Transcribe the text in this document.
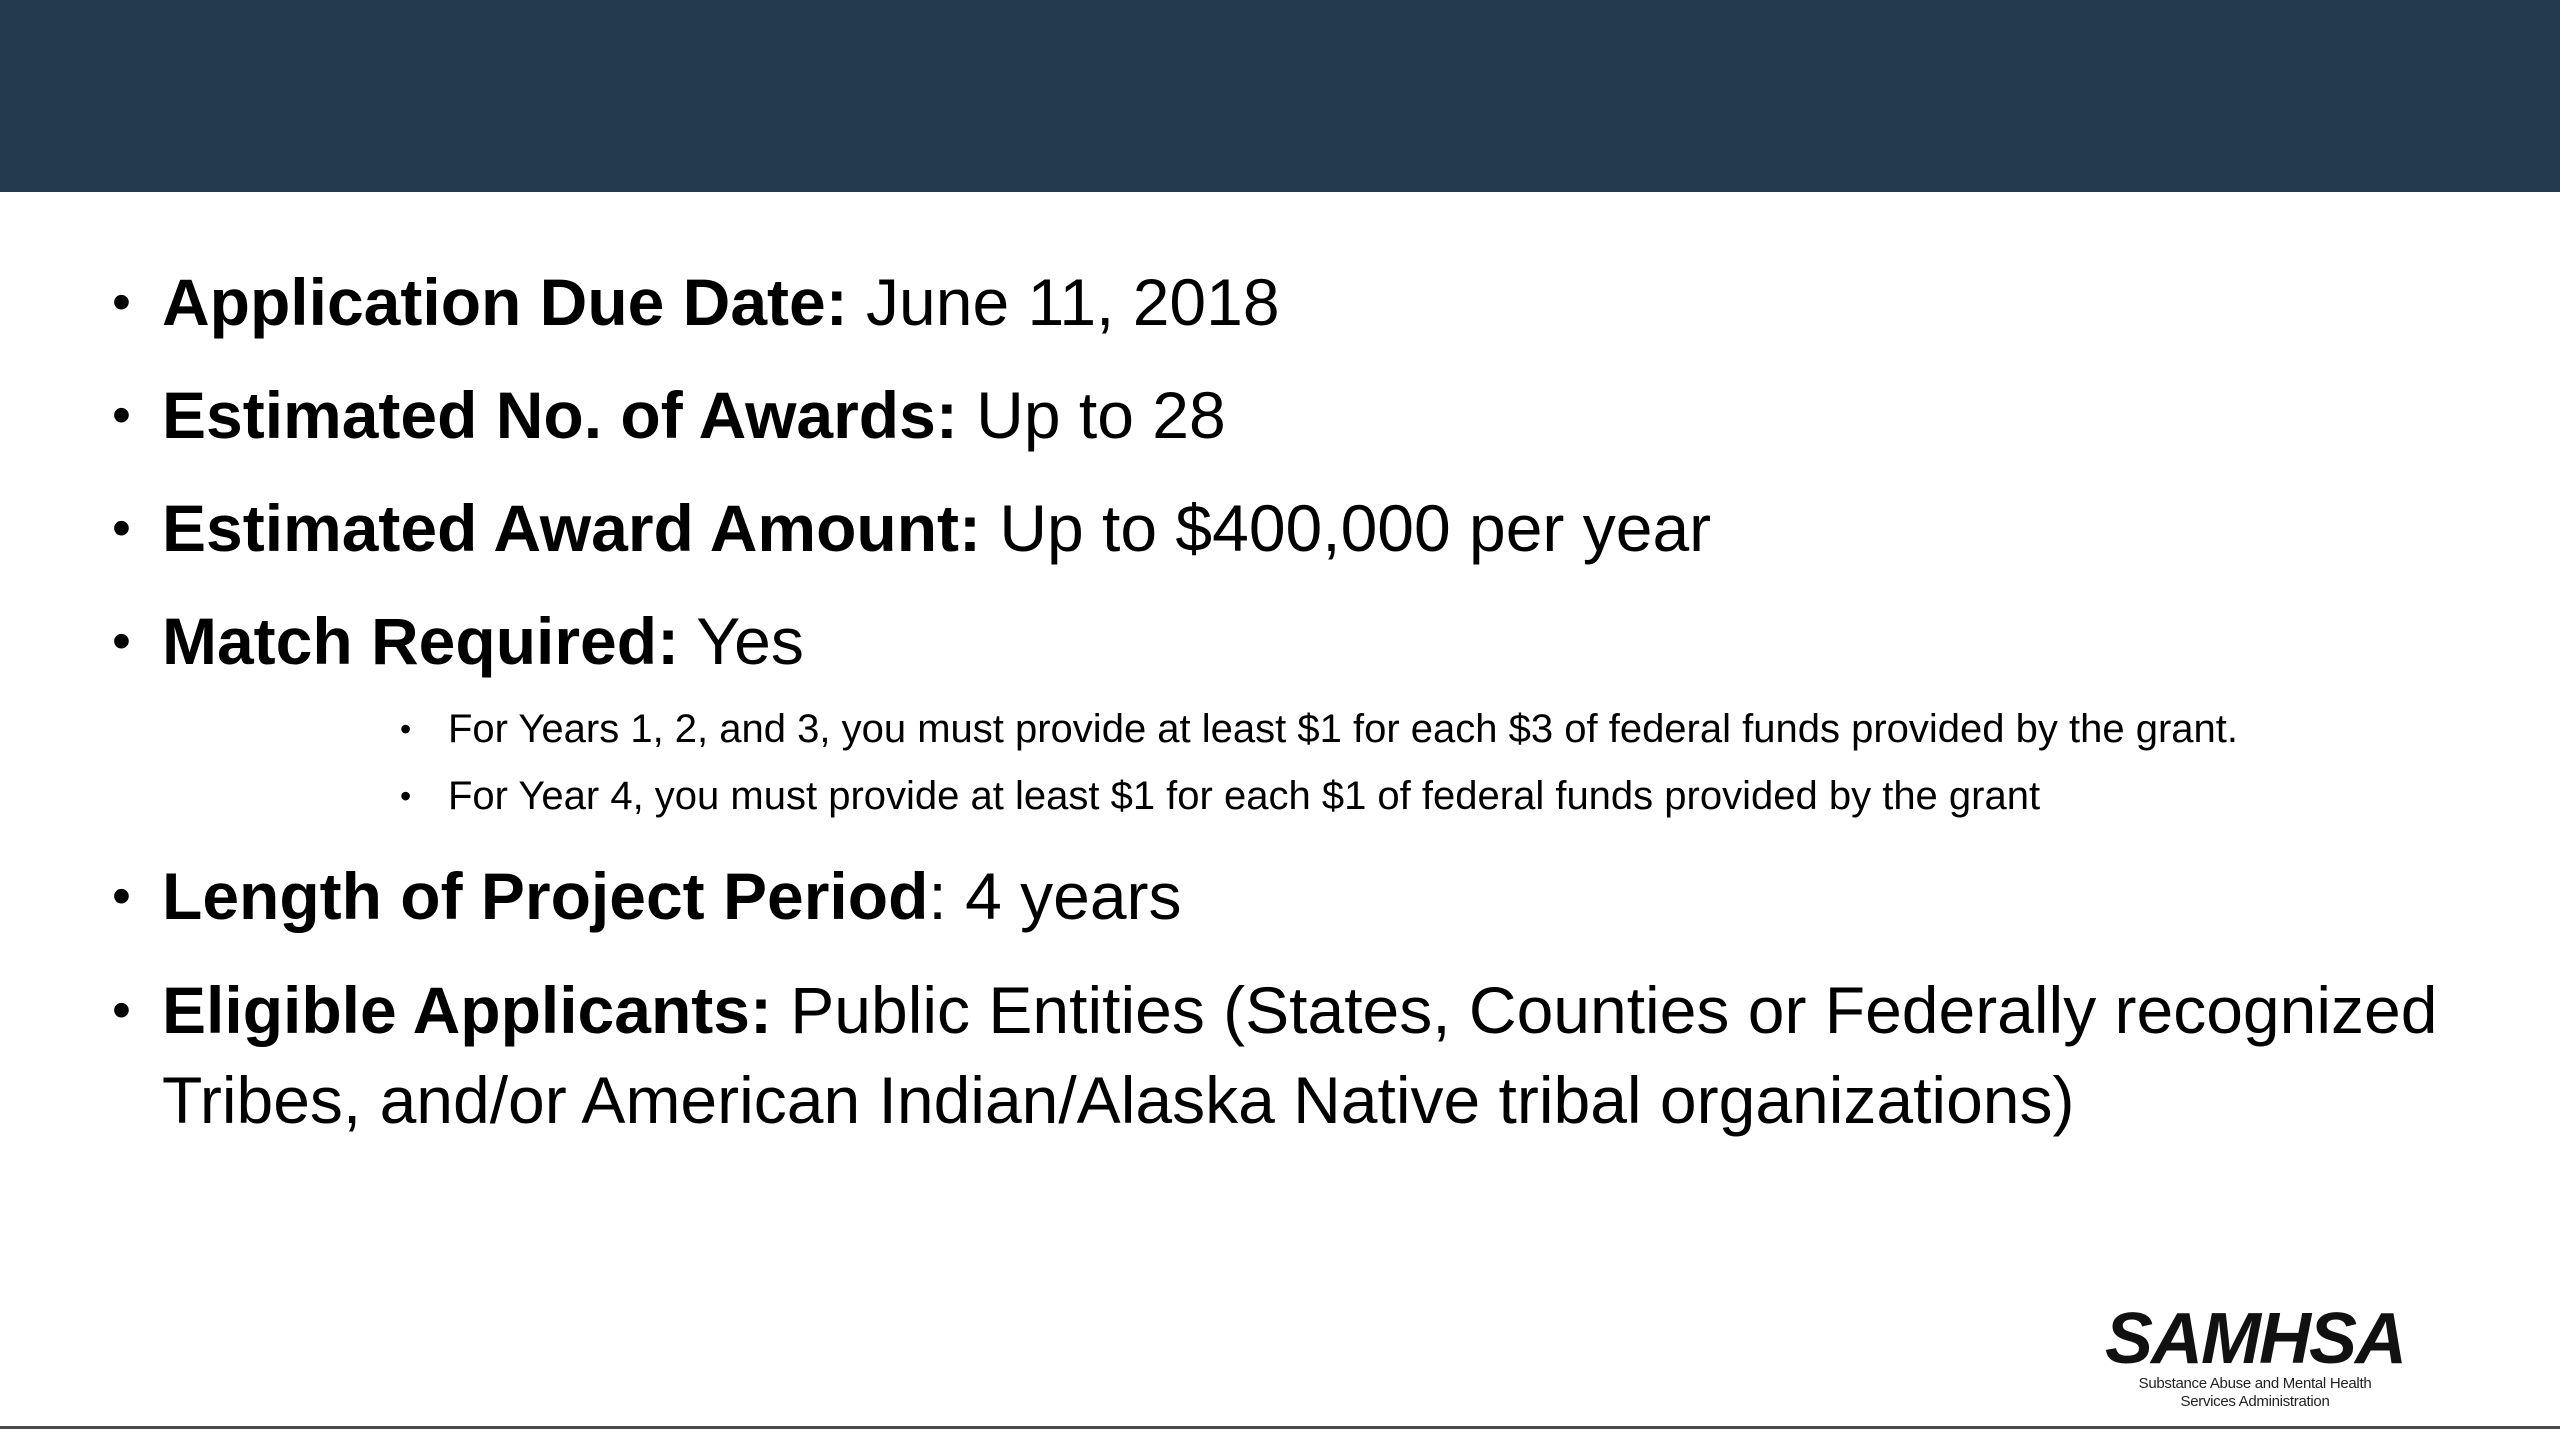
• Application Due Date: June 11, 2018
• Estimated No. of Awards: Up to 28
• Estimated Award Amount: Up to $400,000 per year
• Match Required: Yes
• For Years 1, 2, and 3, you must provide at least $1 for each $3 of federal funds provided by the grant.
• For Year 4, you must provide at least $1 for each $1 of federal funds provided by the grant
• Length of Project Period: 4 years
• Eligible Applicants: Public Entities (States, Counties or Federally recognized Tribes, and/or American Indian/Alaska Native tribal organizations)
SAMHSA
Substance Abuse and Mental Health
Services Administration
